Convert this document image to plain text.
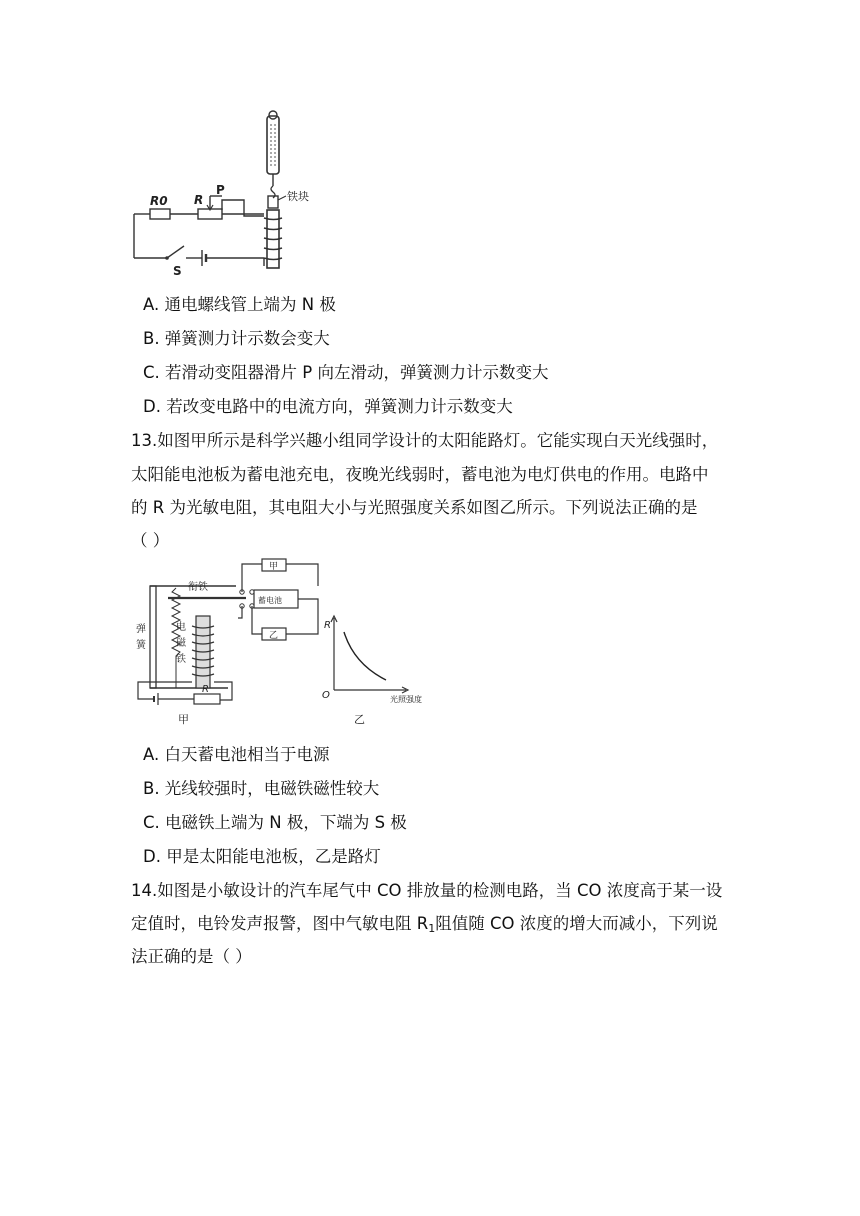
铁块
R0 R
P
S
A. 通电螺线管上端为 N 极
B. 弹簧测力计示数会变大
C. 若滑动变阻器滑片 P 向左滑动，弹簧测力计示数变大
D. 若改变电路中的电流方向，弹簧测力计示数变大
13.如图甲所示是科学兴趣小组同学设计的太阳能路灯。它能实现白天光线强时，
太阳能电池板为蓄电池充电，夜晚光线弱时，蓄电池为电灯供电的作用。电路中
的 R 为光敏电阻，其电阻大小与光照强度关系如图乙所示。下列说法正确的是
（ ）
弹
簧
电
磁
铁
衔铁
甲
蓄电池
乙
R
甲
R
O	光照强度
乙
A. 白天蓄电池相当于电源
B. 光线较强时，电磁铁磁性较大
C. 电磁铁上端为 N 极，下端为 S 极
D. 甲是太阳能电池板，乙是路灯
14.如图是小敏设计的汽车尾气中 CO 排放量的检测电路，当 CO 浓度高于某一设
定值时，电铃发声报警，图中气敏电阻 $R_1$阻值随 CO 浓度的增大而减小，下列说
法正确的是（ ）
